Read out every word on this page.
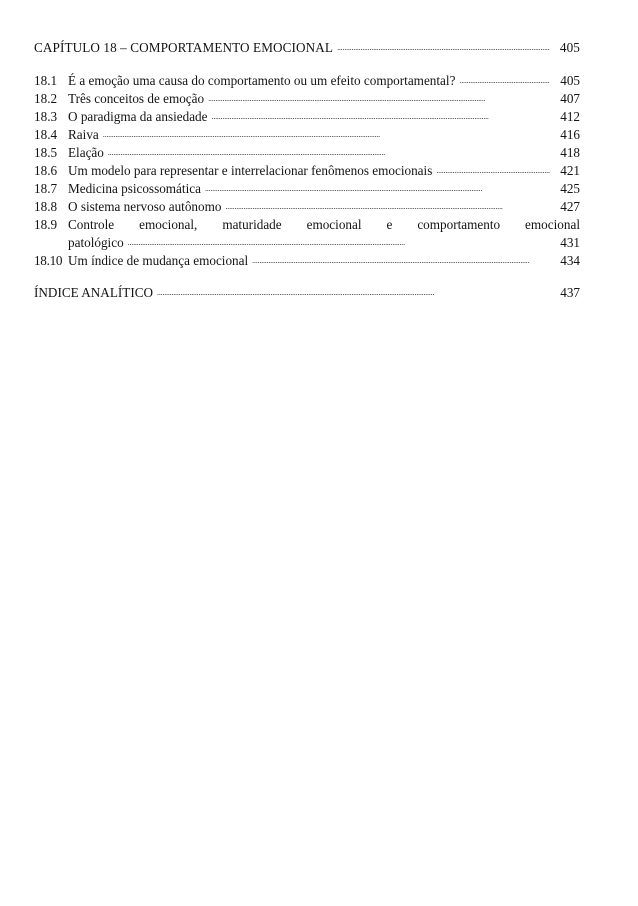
CAPÍTULO 18 – COMPORTAMENTO EMOCIONAL . . .	405
18.1 É a emoção uma causa do comportamento ou um efeito comportamental? . . .	405
18.2 Três conceitos de emoção . . .	407
18.3 O paradigma da ansiedade . . .	412
18.4 Raiva . . .	416
18.5 Elação . . .	418
18.6 Um modelo para representar e interrelacionar fenômenos emocionais . . .	421
18.7 Medicina psicossomática . . .	425
18.8 O sistema nervoso autônomo . . .	427
18.9 Controle emocional, maturidade emocional e comportamento emocional
patológico . . .	431
18.10 Um índice de mudança emocional . . .	434
ÍNDICE ANALÍTICO . . .	437
